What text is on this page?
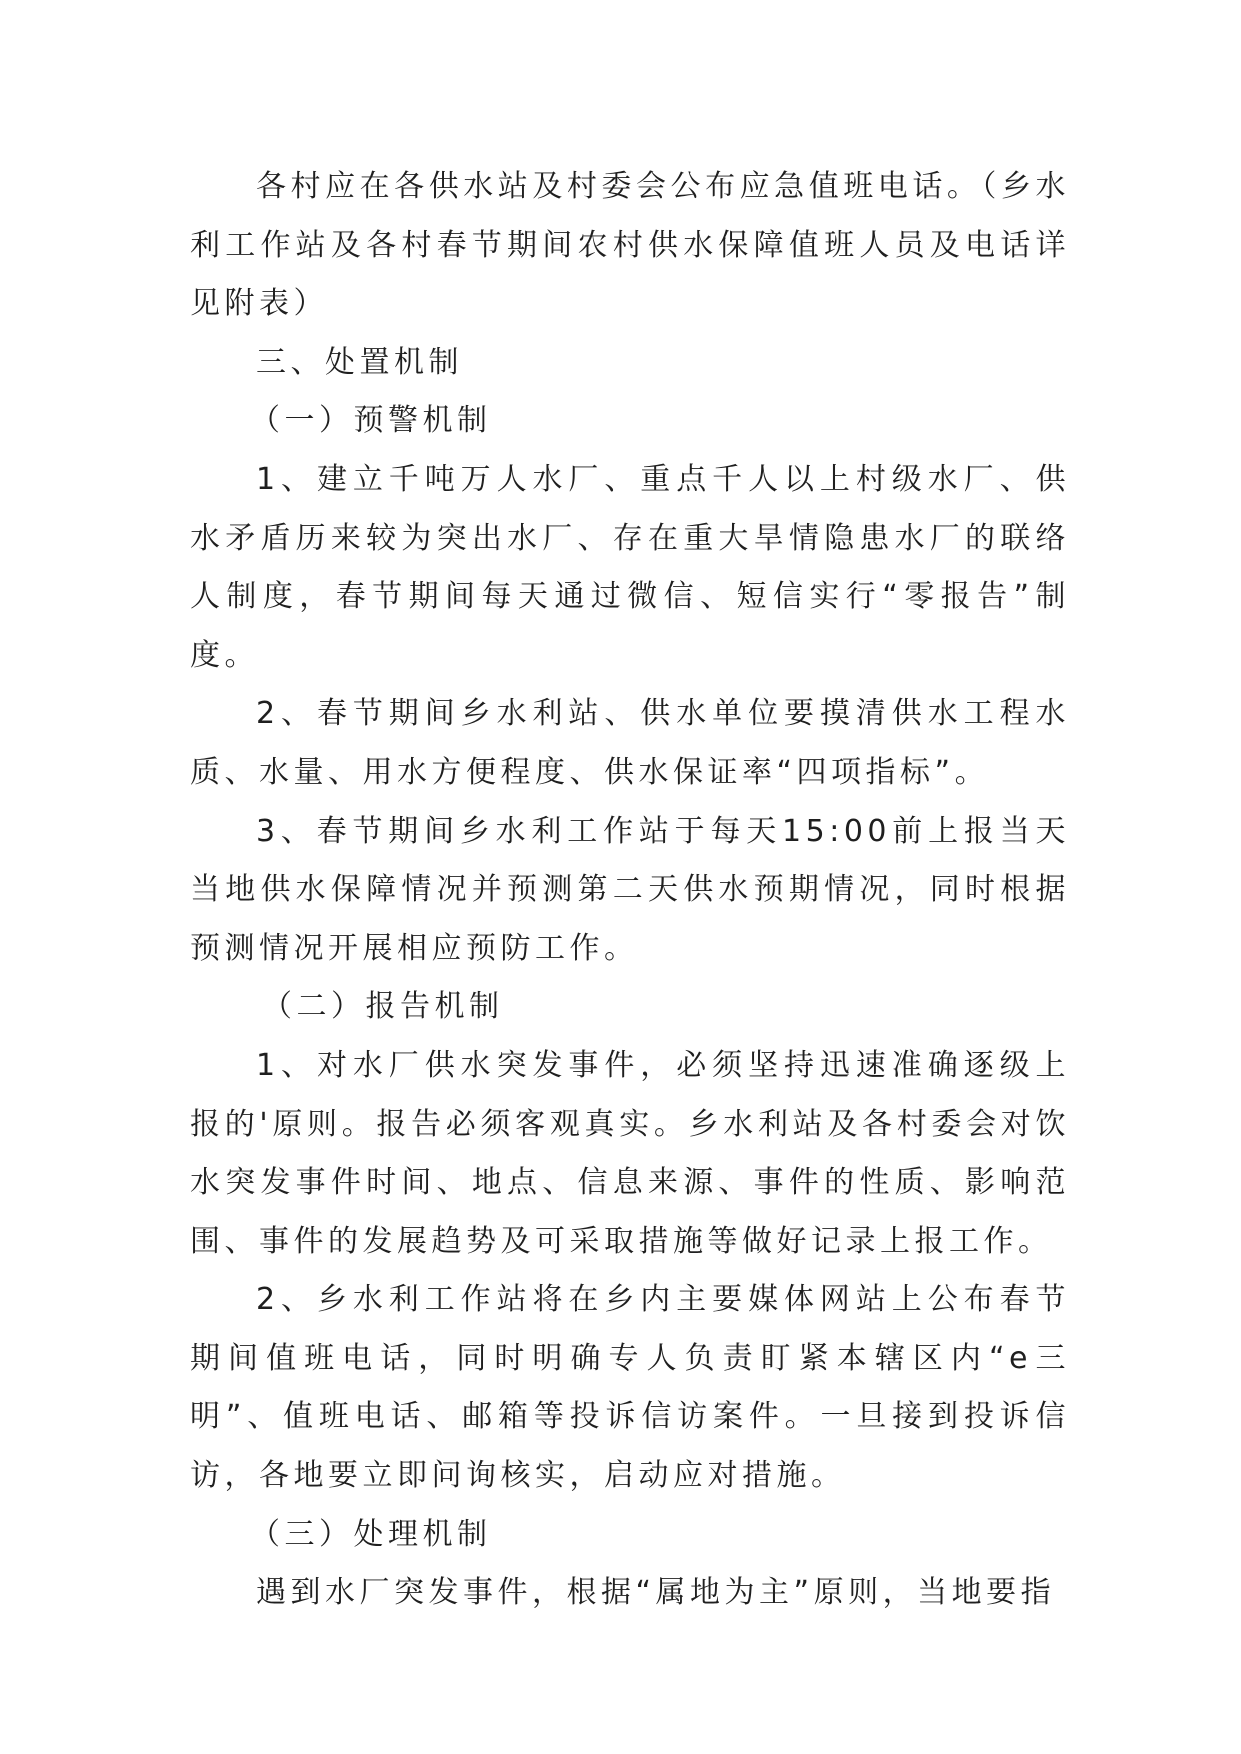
各村应在各供水站及村委会公布应急值班电话。（乡水利工作站及各村春节期间农村供水保障值班人员及电话详见附表）

三、处置机制

（一）预警机制

1、建立千吨万人水厂、重点千人以上村级水厂、供水矛盾历来较为突出水厂、存在重大旱情隐患水厂的联络人制度，春节期间每天通过微信、短信实行“零报告”制度。

2、春节期间乡水利站、供水单位要摸清供水工程水质、水量、用水方便程度、供水保证率“四项指标”。

3、春节期间乡水利工作站于每天15:00前上报当天当地供水保障情况并预测第二天供水预期情况，同时根据预测情况开展相应预防工作。

（二）报告机制

1、对水厂供水突发事件，必须坚持迅速准确逐级上报的'原则。报告必须客观真实。乡水利站及各村委会对饮水突发事件时间、地点、信息来源、事件的性质、影响范围、事件的发展趋势及可采取措施等做好记录上报工作。

2、乡水利工作站将在乡内主要媒体网站上公布春节期间值班电话，同时明确专人负责盯紧本辖区内“e三明”、值班电话、邮箱等投诉信访案件。一旦接到投诉信访，各地要立即问询核实，启动应对措施。

（三）处理机制

遇到水厂突发事件，根据“属地为主”原则，当地要指
